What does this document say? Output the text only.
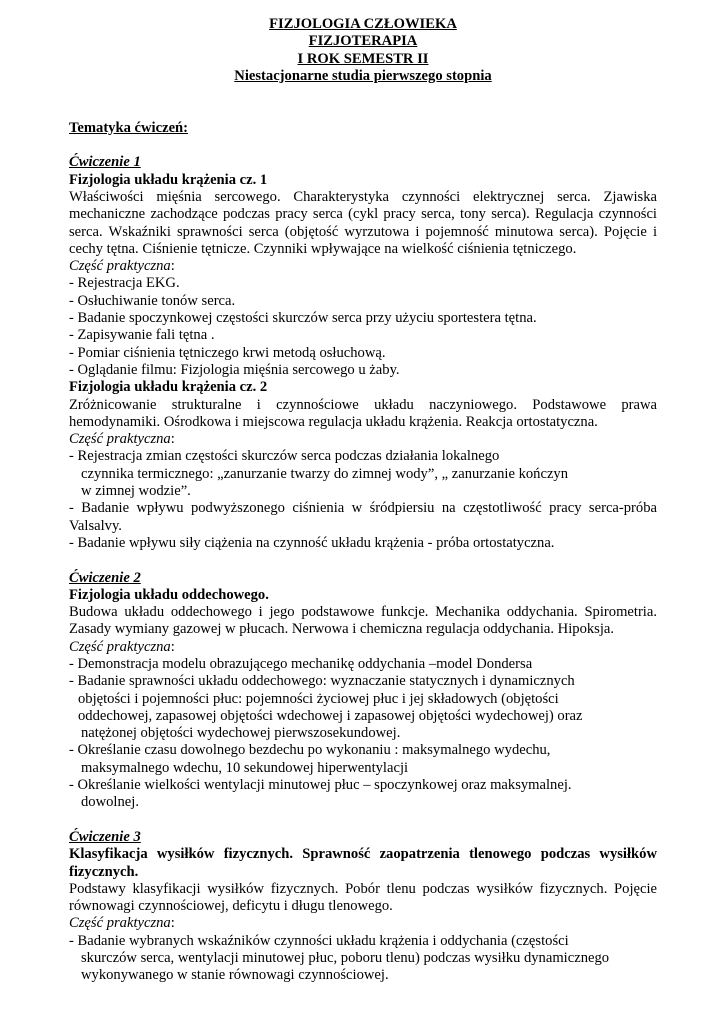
FIZJOLOGIA CZŁOWIEKA
FIZJOTERAPIA
I ROK SEMESTR II
Niestacjonarne studia pierwszego stopnia
Tematyka ćwiczeń:
Ćwiczenie 1
Fizjologia układu krążenia cz. 1
Właściwości mięśnia sercowego. Charakterystyka czynności elektrycznej serca. Zjawiska
mechaniczne zachodzące podczas pracy serca (cykl pracy serca, tony serca). Regulacja czynności
serca. Wskaźniki sprawności serca (objętość wyrzutowa i pojemność minutowa serca). Pojęcie i
cechy tętna. Ciśnienie tętnicze. Czynniki wpływające na wielkość ciśnienia tętniczego.
Część praktyczna:
- Rejestracja EKG.
- Osłuchiwanie tonów serca.
- Badanie spoczynkowej częstości skurczów serca przy użyciu sportestera tętna.
- Zapisywanie fali tętna .
- Pomiar ciśnienia tętniczego krwi metodą osłuchową.
- Oglądanie filmu: Fizjologia mięśnia sercowego u żaby.
Fizjologia układu krążenia cz. 2
Zróżnicowanie strukturalne i czynnościowe układu naczyniowego. Podstawowe prawa
hemodynamiki. Ośrodkowa i miejscowa regulacja układu krążenia. Reakcja ortostatyczna.
Część praktyczna:
- Rejestracja zmian częstości skurczów serca podczas działania lokalnego
czynnika termicznego: „zanurzanie twarzy do zimnej wody”, „ zanurzanie kończyn
w zimnej wodzie”.
- Badanie wpływu podwyższonego ciśnienia w śródpiersiu na częstotliwość pracy serca-próba
Valsalvy.
- Badanie wpływu siły ciążenia na czynność układu krążenia - próba ortostatyczna.
Ćwiczenie 2
Fizjologia układu oddechowego.
Budowa układu oddechowego i jego podstawowe funkcje. Mechanika oddychania. Spirometria.
Zasady wymiany gazowej w płucach. Nerwowa i chemiczna regulacja oddychania. Hipoksja.
Część praktyczna:
- Demonstracja modelu obrazującego mechanikę oddychania –model Dondersa
- Badanie sprawności układu oddechowego: wyznaczanie statycznych i dynamicznych
objętości i pojemności płuc: pojemności życiowej płuc i jej składowych (objętości
oddechowej, zapasowej objętości wdechowej i zapasowej objętości wydechowej) oraz
natężonej objętości wydechowej pierwszosekundowej.
- Określanie czasu dowolnego bezdechu po wykonaniu : maksymalnego wydechu,
maksymalnego wdechu, 10 sekundowej hiperwentylacji
- Określanie wielkości wentylacji minutowej płuc – spoczynkowej oraz maksymalnej.
dowolnej.
Ćwiczenie 3
Klasyfikacja wysiłków fizycznych. Sprawność zaopatrzenia tlenowego podczas wysiłków
fizycznych.
Podstawy klasyfikacji wysiłków fizycznych. Pobór tlenu podczas wysiłków fizycznych. Pojęcie
równowagi czynnościowej, deficytu i długu tlenowego.
Część praktyczna:
- Badanie wybranych wskaźników czynności układu krążenia i oddychania (częstości
skurczów serca, wentylacji minutowej płuc, poboru tlenu) podczas wysiłku dynamicznego
wykonywanego w stanie równowagi czynnościowej.
